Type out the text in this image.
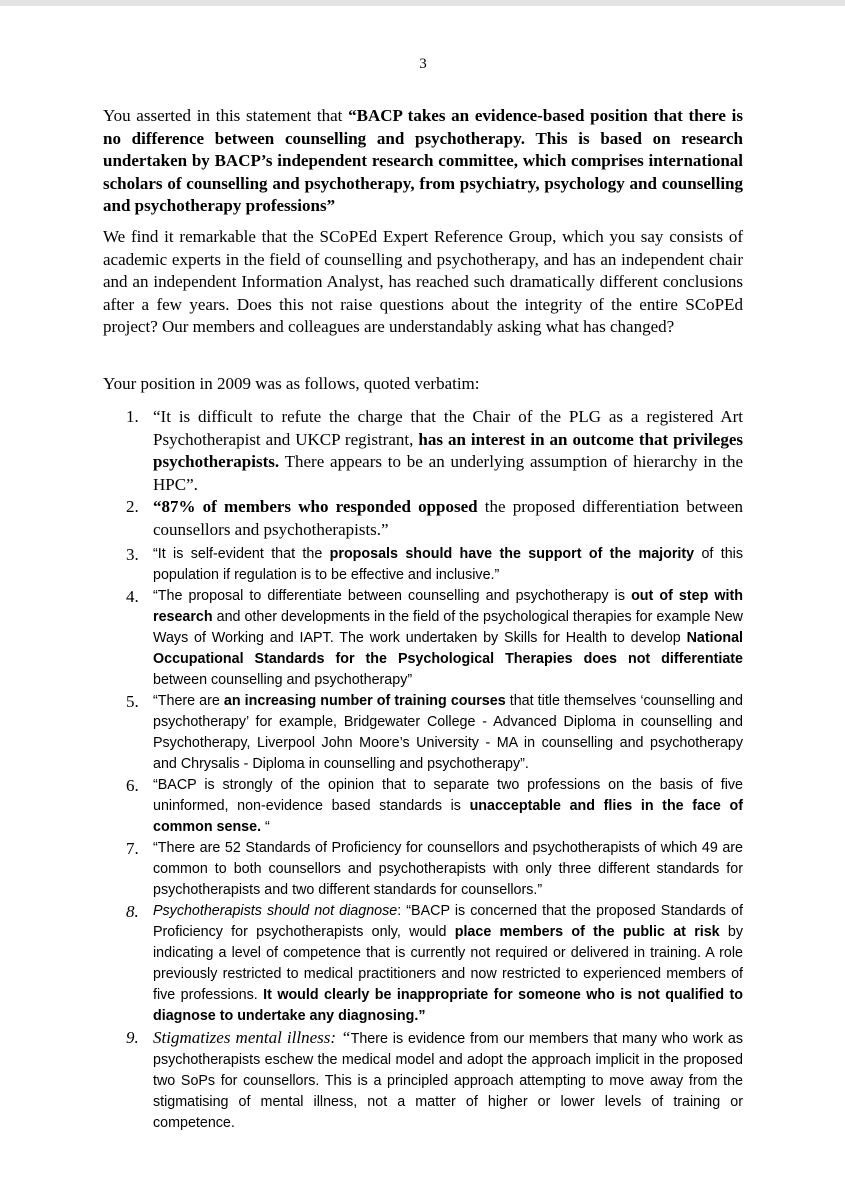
3

You asserted in this statement that “BACP takes an evidence-based position that there is no difference between counselling and psychotherapy. This is based on research undertaken by BACP’s independent research committee, which comprises international scholars of counselling and psychotherapy, from psychiatry, psychology and counselling and psychotherapy professions”

We find it remarkable that the SCoPEd Expert Reference Group, which you say consists of academic experts in the field of counselling and psychotherapy, and has an independent chair and an independent Information Analyst, has reached such dramatically different conclusions after a few years. Does this not raise questions about the integrity of the entire SCoPEd project? Our members and colleagues are understandably asking what has changed?

Your position in 2009 was as follows, quoted verbatim:

1. “It is difficult to refute the charge that the Chair of the PLG as a registered Art Psychotherapist and UKCP registrant, has an interest in an outcome that privileges psychotherapists. There appears to be an underlying assumption of hierarchy in the HPC”.
2. “87% of members who responded opposed the proposed differentiation between counsellors and psychotherapists.”
3. “It is self-evident that the proposals should have the support of the majority of this population if regulation is to be effective and inclusive.”
4. “The proposal to differentiate between counselling and psychotherapy is out of step with research and other developments in the field of the psychological therapies for example New Ways of Working and IAPT. The work undertaken by Skills for Health to develop National Occupational Standards for the Psychological Therapies does not differentiate between counselling and psychotherapy”
5. “There are an increasing number of training courses that title themselves ‘counselling and psychotherapy’ for example, Bridgewater College - Advanced Diploma in counselling and Psychotherapy, Liverpool John Moore’s University - MA in counselling and psychotherapy and Chrysalis - Diploma in counselling and psychotherapy”.
6. “BACP is strongly of the opinion that to separate two professions on the basis of five uninformed, non-evidence based standards is unacceptable and flies in the face of common sense. “
7. “There are 52 Standards of Proficiency for counsellors and psychotherapists of which 49 are common to both counsellors and psychotherapists with only three different standards for psychotherapists and two different standards for counsellors.”
8. Psychotherapists should not diagnose: “BACP is concerned that the proposed Standards of Proficiency for psychotherapists only, would place members of the public at risk by indicating a level of competence that is currently not required or delivered in training. A role previously restricted to medical practitioners and now restricted to experienced members of five professions. It would clearly be inappropriate for someone who is not qualified to diagnose to undertake any diagnosing.”
9. Stigmatizes mental illness: “There is evidence from our members that many who work as psychotherapists eschew the medical model and adopt the approach implicit in the proposed two SoPs for counsellors. This is a principled approach attempting to move away from the stigmatising of mental illness, not a matter of higher or lower levels of training or competence.
